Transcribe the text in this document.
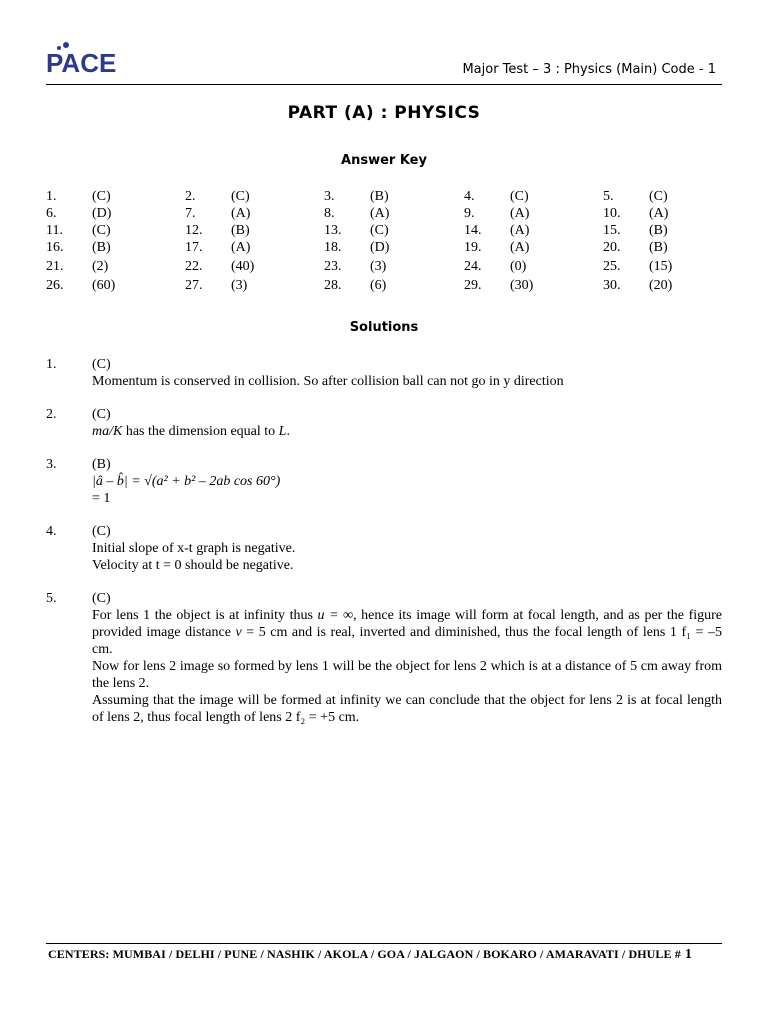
PACE	Major Test – 3 : Physics (Main) Code - 1
PART (A) : PHYSICS
Answer Key
1.	(C)	2.	(C)	3.	(B)	4.	(C)	5.	(C)
6.	(D)	7.	(A)	8.	(A)	9.	(A)	10. (A)
11. (C)	12. (B)	13. (C)	14. (A)	15. (B)
16. (B)	17. (A)	18. (D)	19. (A)	20. (B)
21. (2)	22. (40)	23. (3)	24. (0)	25. (15)
26. (60)	27. (3)	28. (6)	29. (30)	30. (20)
Solutions
1.	(C)

Momentum is conserved in collision. So after collision ball can not go in y direction

2.	(C)

ma/K has the dimension equal to L.

3.	(B)

|â – b̂| = √(a² + b² – 2ab cos 60°)

= 1

4.	(C)

Initial slope of x-t graph is negative.

Velocity at t = 0 should be negative.

5.	(C)

For lens 1 the object is at infinity thus u = ∞, hence its image will form at focal length, and as per the figure provided image distance v = 5 cm and is real, inverted and diminished, thus the focal length of lens 1 f₁ = –5 cm.

Now for lens 2 image so formed by lens 1 will be the object for lens 2 which is at a distance of 5 cm away from the lens 2.

Assuming that the image will be formed at infinity we can conclude that the object for lens 2 is at focal length of lens 2, thus focal length of lens 2 f₂ = +5 cm.

CENTERS: MUMBAI / DELHI / PUNE / NASHIK / AKOLA / GOA / JALGAON / BOKARO / AMARAVATI / DHULE # 1
